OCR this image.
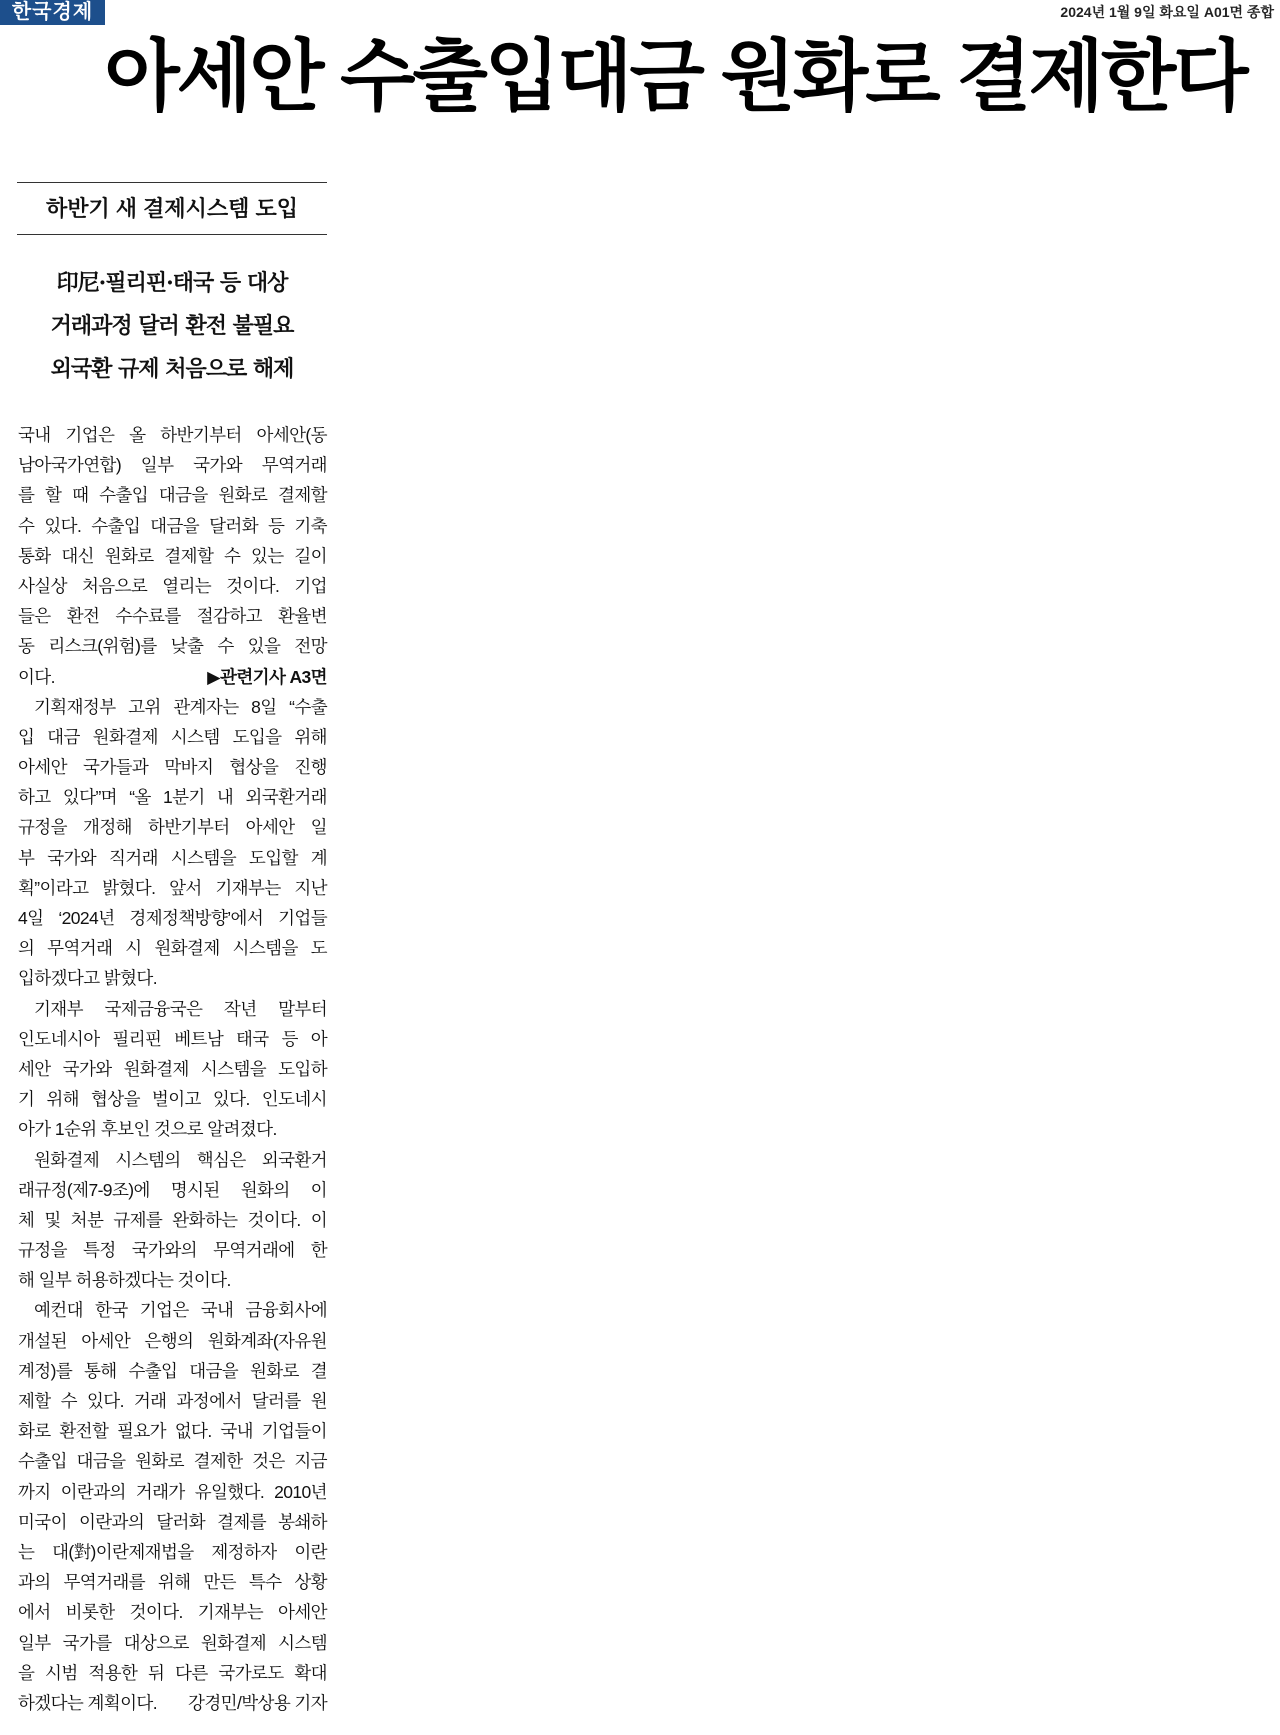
한국경제	2024년 1월 9일 화요일 A01면 종합
아세안 수출입대금 원화로 결제한다
하반기 새 결제시스템 도입
印尼·필리핀·태국 등 대상
거래과정 달러 환전 불필요
외국환 규제 처음으로 해제
국내 기업은 올 하반기부터 아세안(동
남아국가연합) 일부 국가와 무역거래
를 할 때 수출입 대금을 원화로 결제할
수 있다. 수출입 대금을 달러화 등 기축
통화 대신 원화로 결제할 수 있는 길이
사실상 처음으로 열리는 것이다. 기업
들은 환전 수수료를 절감하고 환율변
동 리스크(위험)를 낮출 수 있을 전망
이다.	▶관련기사 A3면
기획재정부 고위 관계자는 8일 “수출
입 대금 원화결제 시스템 도입을 위해
아세안 국가들과 막바지 협상을 진행
하고 있다”며 “올 1분기 내 외국환거래
규정을 개정해 하반기부터 아세안 일
부 국가와 직거래 시스템을 도입할 계
획”이라고 밝혔다. 앞서 기재부는 지난
4일 ‘2024년 경제정책방향’에서 기업들
의 무역거래 시 원화결제 시스템을 도
입하겠다고 밝혔다.
기재부 국제금융국은 작년 말부터
인도네시아 필리핀 베트남 태국 등 아
세안 국가와 원화결제 시스템을 도입하
기 위해 협상을 벌이고 있다. 인도네시
아가 1순위 후보인 것으로 알려졌다.
원화결제 시스템의 핵심은 외국환거
래규정(제7-9조)에 명시된 원화의 이
체 및 처분 규제를 완화하는 것이다. 이
규정을 특정 국가와의 무역거래에 한
해 일부 허용하겠다는 것이다.
예컨대 한국 기업은 국내 금융회사에
개설된 아세안 은행의 원화계좌(자유원
계정)를 통해 수출입 대금을 원화로 결
제할 수 있다. 거래 과정에서 달러를 원
화로 환전할 필요가 없다. 국내 기업들이
수출입 대금을 원화로 결제한 것은 지금
까지 이란과의 거래가 유일했다. 2010년
미국이 이란과의 달러화 결제를 봉쇄하
는 대(對)이란제재법을 제정하자 이란
과의 무역거래를 위해 만든 특수 상황
에서 비롯한 것이다. 기재부는 아세안
일부 국가를 대상으로 원화결제 시스템
을 시범 적용한 뒤 다른 국가로도 확대
하겠다는 계획이다. 강경민/박상용 기자
